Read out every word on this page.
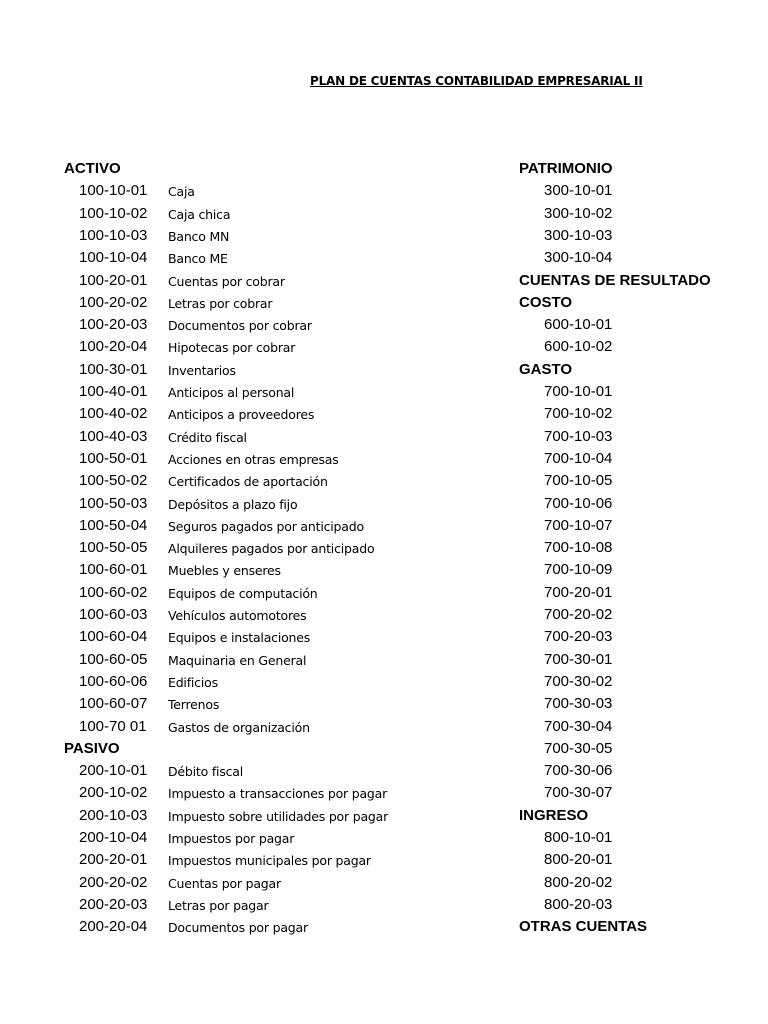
PLAN DE CUENTAS CONTABILIDAD EMPRESARIAL II
ACTIVO
100-10-01	Caja
100-10-02	Caja chica
100-10-03	Banco MN
100-10-04	Banco ME
100-20-01	Cuentas por cobrar
100-20-02	Letras por cobrar
100-20-03	Documentos por cobrar
100-20-04	Hipotecas por cobrar
100-30-01	Inventarios
100-40-01	Anticipos al personal
100-40-02	Anticipos a proveedores
100-40-03	Crédito fiscal
100-50-01	Acciones en otras empresas
100-50-02	Certificados de aportación
100-50-03	Depósitos a plazo fijo
100-50-04	Seguros pagados por anticipado
100-50-05	Alquileres pagados por anticipado
100-60-01	Muebles y enseres
100-60-02	Equipos de computación
100-60-03	Vehículos automotores
100-60-04	Equipos e instalaciones
100-60-05	Maquinaria en General
100-60-06	Edificios
100-60-07	Terrenos
100-70 01	Gastos de organización
PASIVO
200-10-01	Débito fiscal
200-10-02	Impuesto a transacciones por pagar
200-10-03	Impuesto sobre utilidades por pagar
200-10-04	Impuestos por pagar
200-20-01	Impuestos municipales por pagar
200-20-02	Cuentas por pagar
200-20-03	Letras por pagar
200-20-04	Documentos por pagar
PATRIMONIO
300-10-01
300-10-02
300-10-03
300-10-04
CUENTAS DE RESULTADO
COSTO
600-10-01
600-10-02
GASTO
700-10-01
700-10-02
700-10-03
700-10-04
700-10-05
700-10-06
700-10-07
700-10-08
700-10-09
700-20-01
700-20-02
700-20-03
700-30-01
700-30-02
700-30-03
700-30-04
700-30-05
700-30-06
700-30-07
INGRESO
800-10-01
800-20-01
800-20-02
800-20-03
OTRAS CUENTAS
